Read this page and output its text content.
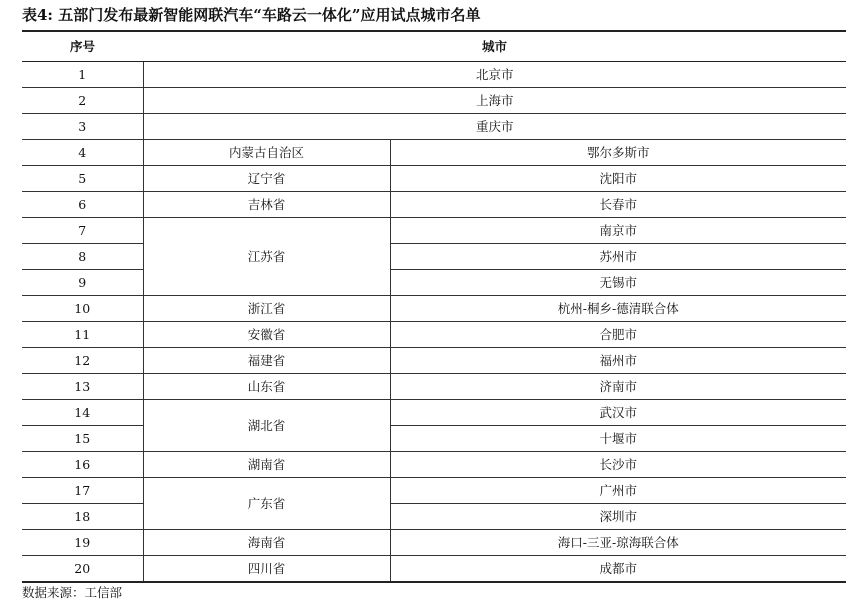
表4: 五部门发布最新智能网联汽车“车路云一体化”应用试点城市名单
序号	城市	
1	北京市	
2	上海市	
3	重庆市	
4	内蒙古自治区	鄂尔多斯市
5	辽宁省	沈阳市
6	吉林省	长春市
7	江苏省	南京市
8		苏州市
9		无锡市
10	浙江省	杭州-桐乡-德清联合体
11	安徽省	合肥市
12	福建省	福州市
13	山东省	济南市
14	湖北省	武汉市
15		十堰市
16	湖南省	长沙市
17	广东省	广州市
18		深圳市
19	海南省	海口-三亚-琼海联合体
20	四川省	成都市
数据来源：工信部
